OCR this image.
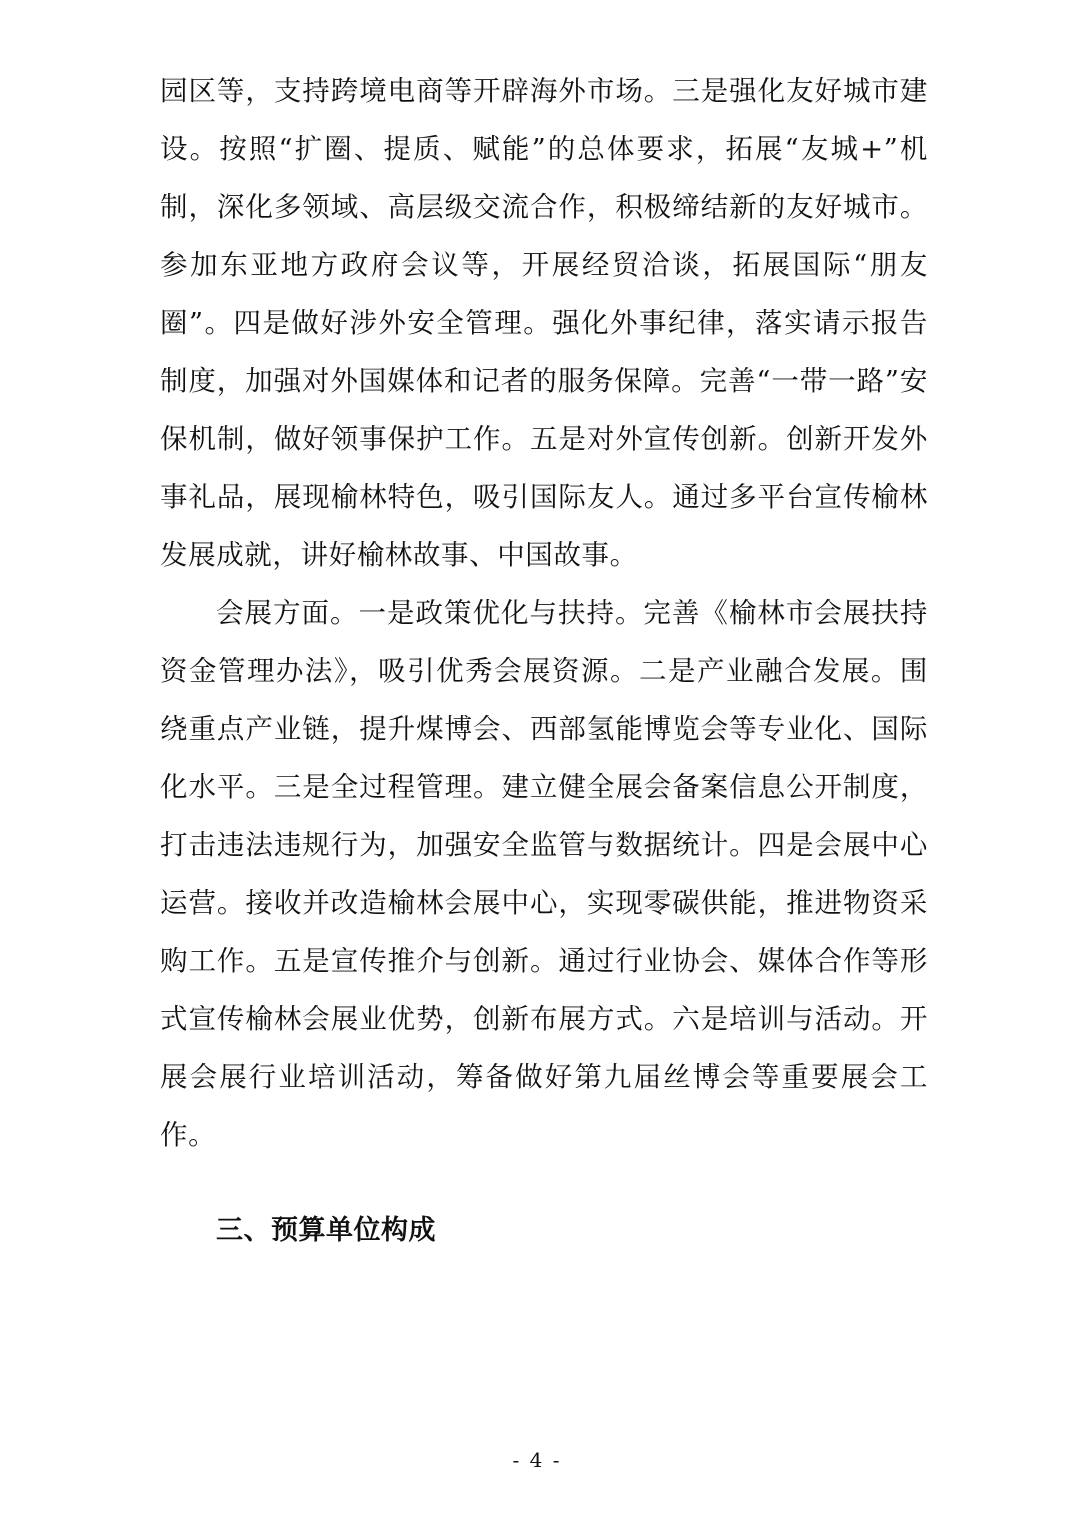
园区等，支持跨境电商等开辟海外市场。三是强化友好城市建设。按照“扩圈、提质、赋能”的总体要求，拓展“友城+”机制，深化多领域、高层级交流合作，积极缔结新的友好城市。参加东亚地方政府会议等，开展经贸洽谈，拓展国际“朋友圈”。四是做好涉外安全管理。强化外事纪律，落实请示报告制度，加强对外国媒体和记者的服务保障。完善“一带一路”安保机制，做好领事保护工作。五是对外宣传创新。创新开发外事礼品，展现榆林特色，吸引国际友人。通过多平台宣传榆林发展成就，讲好榆林故事、中国故事。

会展方面。一是政策优化与扶持。完善《榆林市会展扶持资金管理办法》，吸引优秀会展资源。二是产业融合发展。围绕重点产业链，提升煤博会、西部氢能博览会等专业化、国际化水平。三是全过程管理。建立健全展会备案信息公开制度，打击违法违规行为，加强安全监管与数据统计。四是会展中心运营。接收并改造榆林会展中心，实现零碳供能，推进物资采购工作。五是宣传推介与创新。通过行业协会、媒体合作等形式宣传榆林会展业优势，创新布展方式。六是培训与活动。开展会展行业培训活动，筹备做好第九届丝博会等重要展会工作。

三、预算单位构成
- 4 -
